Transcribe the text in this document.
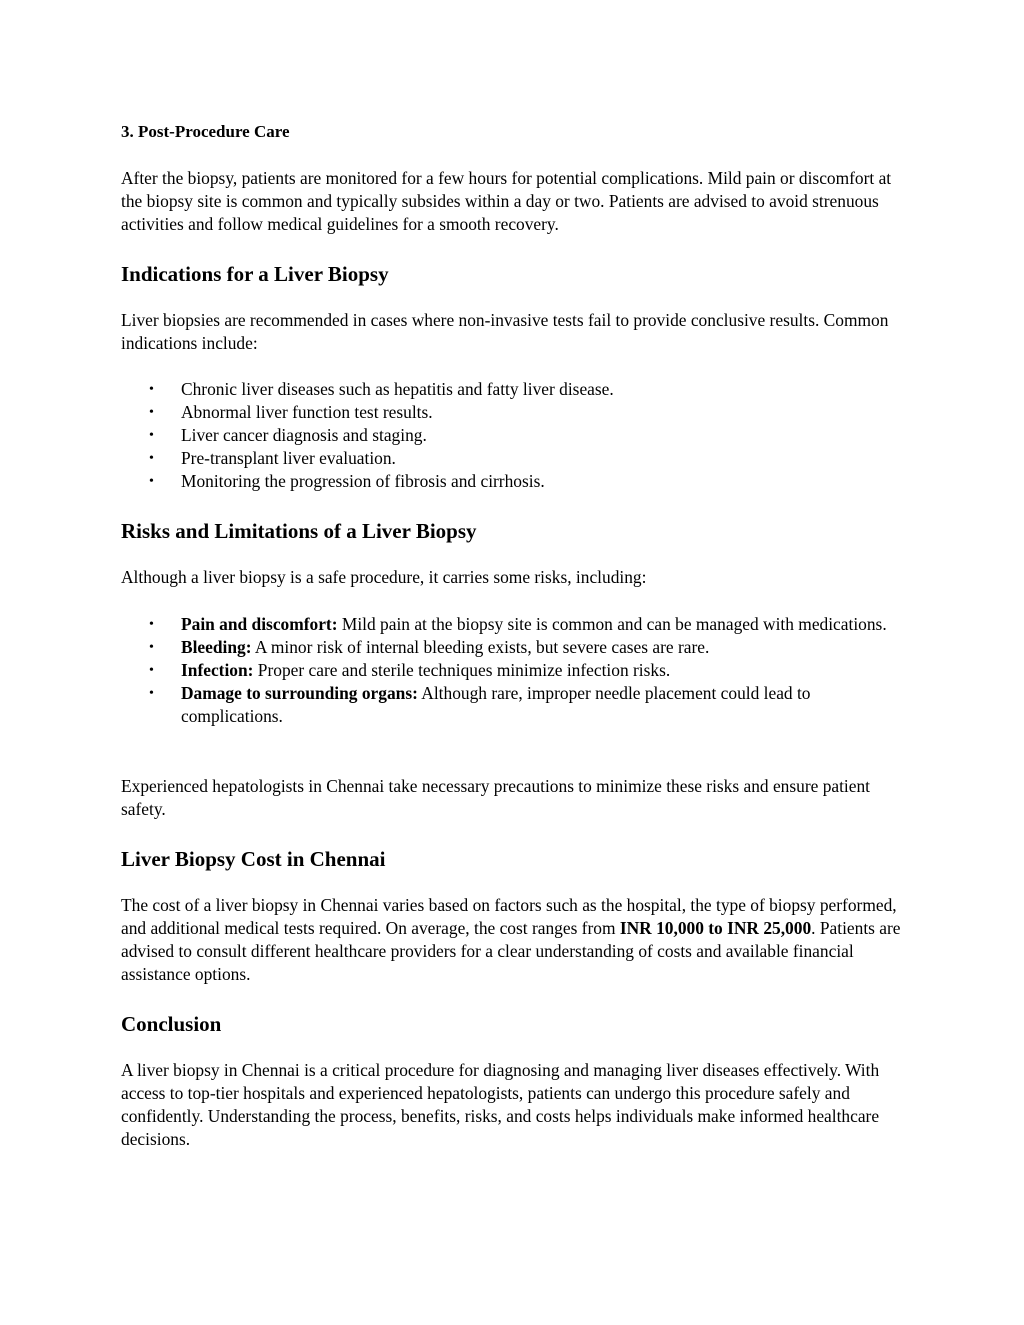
3. Post-Procedure Care

After the biopsy, patients are monitored for a few hours for potential complications. Mild pain or discomfort at the biopsy site is common and typically subsides within a day or two. Patients are advised to avoid strenuous activities and follow medical guidelines for a smooth recovery.

Indications for a Liver Biopsy

Liver biopsies are recommended in cases where non-invasive tests fail to provide conclusive results. Common indications include:

• Chronic liver diseases such as hepatitis and fatty liver disease.
• Abnormal liver function test results.
• Liver cancer diagnosis and staging.
• Pre-transplant liver evaluation.
• Monitoring the progression of fibrosis and cirrhosis.
Risks and Limitations of a Liver Biopsy

Although a liver biopsy is a safe procedure, it carries some risks, including:

• Pain and discomfort: Mild pain at the biopsy site is common and can be managed with medications.
• Bleeding: A minor risk of internal bleeding exists, but severe cases are rare.
• Infection: Proper care and sterile techniques minimize infection risks.
• Damage to surrounding organs: Although rare, improper needle placement could lead to complications.

Experienced hepatologists in Chennai take necessary precautions to minimize these risks and ensure patient safety.

Liver Biopsy Cost in Chennai

The cost of a liver biopsy in Chennai varies based on factors such as the hospital, the type of biopsy performed, and additional medical tests required. On average, the cost ranges from INR 10,000 to INR 25,000. Patients are advised to consult different healthcare providers for a clear understanding of costs and available financial assistance options.

Conclusion

A liver biopsy in Chennai is a critical procedure for diagnosing and managing liver diseases effectively. With access to top-tier hospitals and experienced hepatologists, patients can undergo this procedure safely and confidently. Understanding the process, benefits, risks, and costs helps individuals make informed healthcare decisions.
